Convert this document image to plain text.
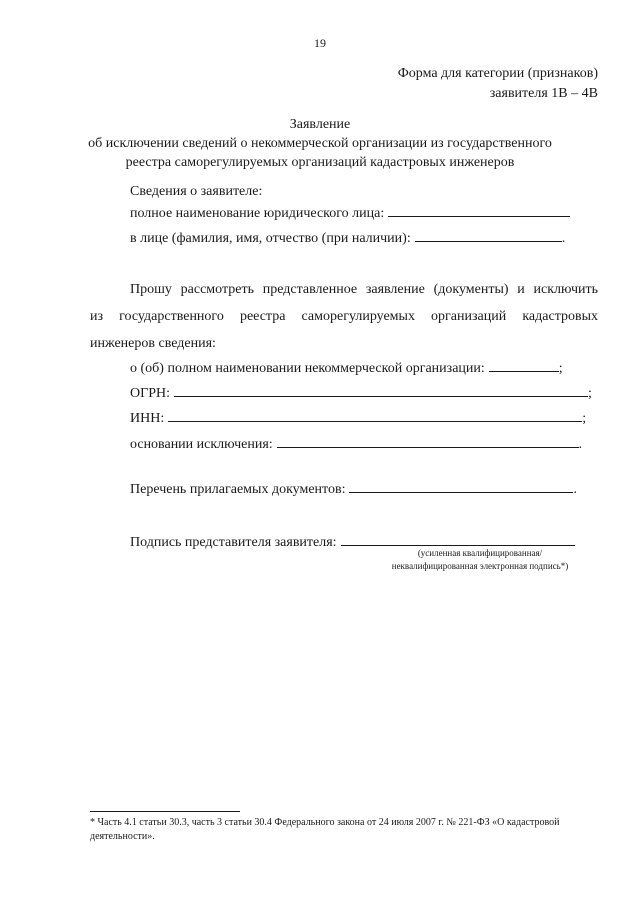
19
Форма для категории (признаков)
заявителя 1В – 4В
Заявление
об исключении сведений о некоммерческой организации из государственного
реестра саморегулируемых организаций кадастровых инженеров
Сведения о заявителе:
полное наименование юридического лица:
в лице (фамилия, имя, отчество (при наличии):	.
Прошу рассмотреть представленное заявление (документы) и исключить
из государственного реестра саморегулируемых организаций кадастровых
инженеров сведения:
о (об) полном наименовании некоммерческой организации:	;
ОГРН:	;
ИНН:	;
основании исключения:	.
Перечень прилагаемых документов:	.
Подпись представителя заявителя:
(усиленная квалифицированная/
неквалифицированная электронная подпись*)
* Часть 4.1 статьи 30.3, часть 3 статьи 30.4 Федерального закона от 24 июля 2007 г. № 221-ФЗ «О кадастровой деятельности».
